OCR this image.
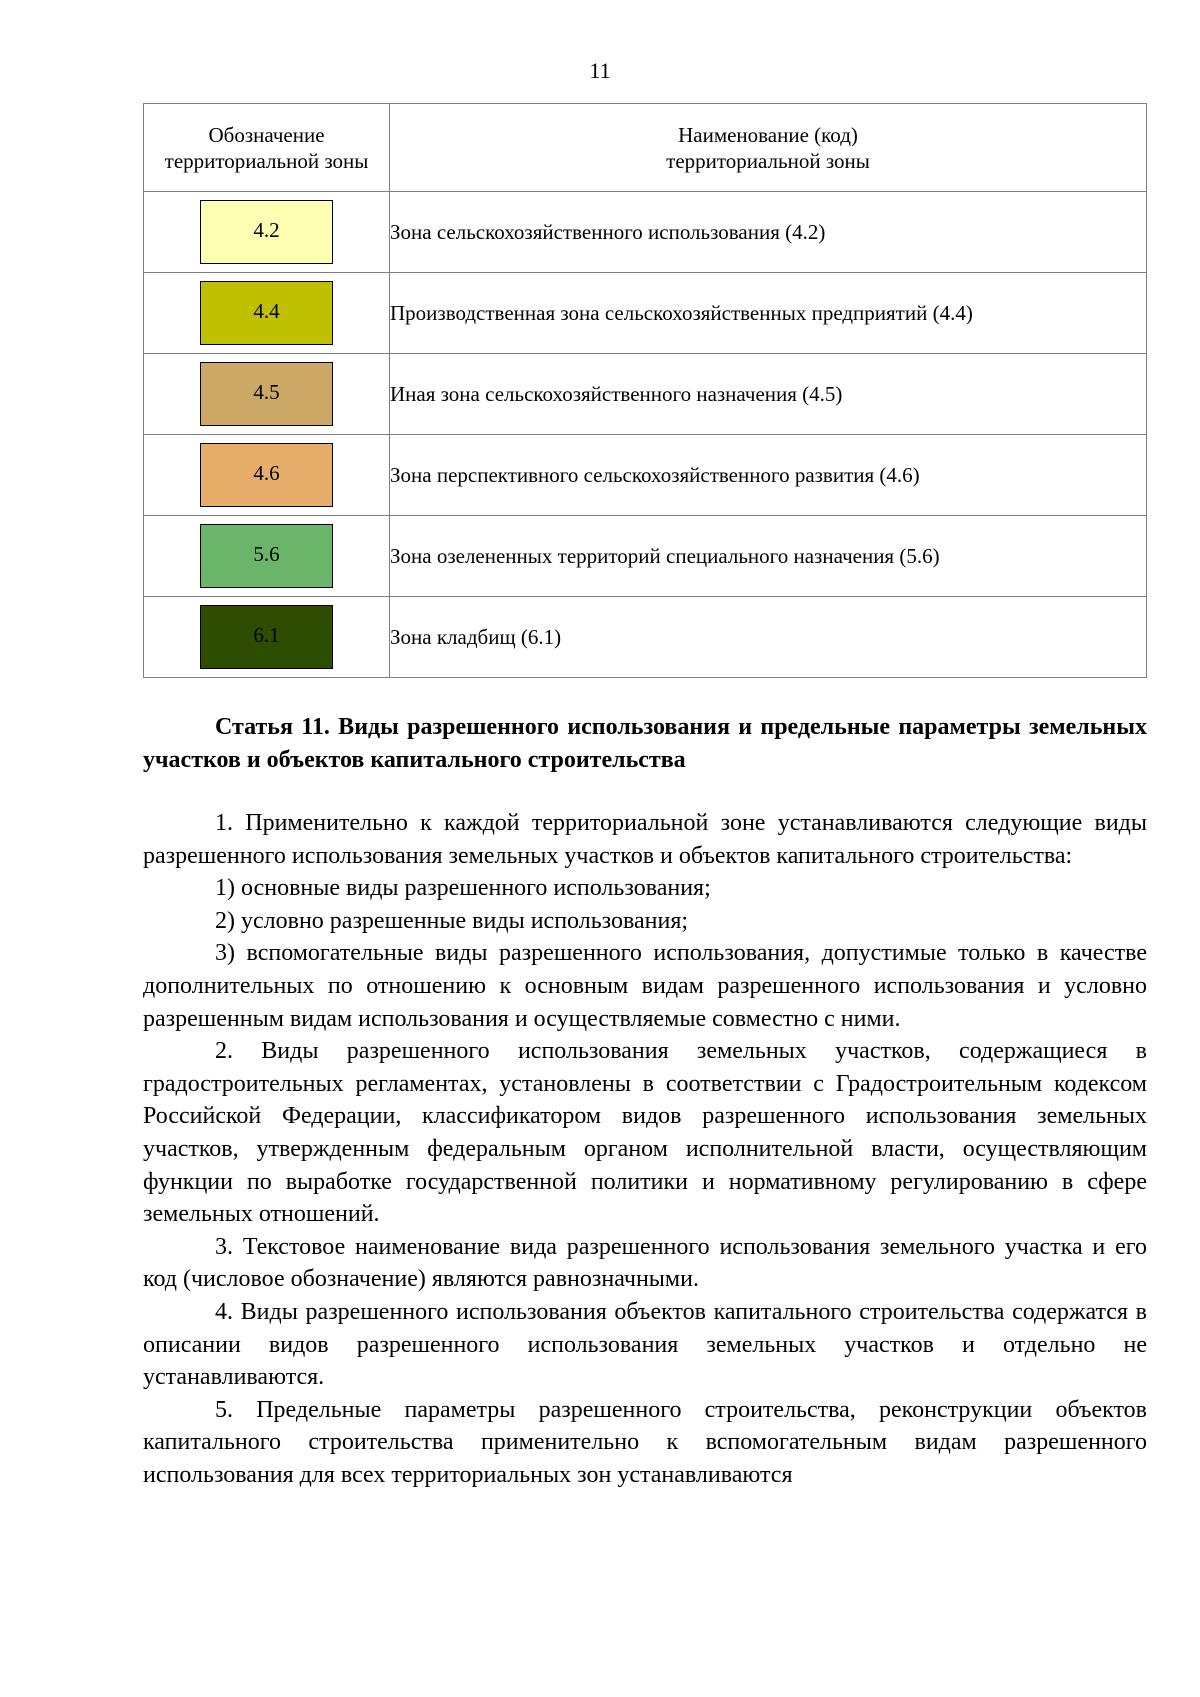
11
Обозначение территориальной зоны	Наименование (код)
территориальной зоны
4.2	Зона сельскохозяйственного использования (4.2)
4.4	Производственная зона сельскохозяйственных предприятий (4.4)
4.5	Иная зона сельскохозяйственного назначения (4.5)
4.6	Зона перспективного сельскохозяйственного развития (4.6)
5.6	Зона озелененных территорий специального назначения (5.6)
6.1	Зона кладбищ (6.1)
Статья 11. Виды разрешенного использования и предельные параметры земельных участков и объектов капитального строительства

1. Применительно к каждой территориальной зоне устанавливаются следующие виды разрешенного использования земельных участков и объектов капитального строительства:

1) основные виды разрешенного использования;

2) условно разрешенные виды использования;

3) вспомогательные виды разрешенного использования, допустимые только в качестве дополнительных по отношению к основным видам разрешенного использования и условно разрешенным видам использования и осуществляемые совместно с ними.

2. Виды разрешенного использования земельных участков, содержащиеся в градостроительных регламентах, установлены в соответствии с Градостроительным кодексом Российской Федерации, классификатором видов разрешенного использования земельных участков, утвержденным федеральным органом исполнительной власти, осуществляющим функции по выработке государственной политики и нормативному регулированию в сфере земельных отношений.

3. Текстовое наименование вида разрешенного использования земельного участка и его код (числовое обозначение) являются равнозначными.

4. Виды разрешенного использования объектов капитального строительства содержатся в описании видов разрешенного использования земельных участков и отдельно не устанавливаются.

5. Предельные параметры разрешенного строительства, реконструкции объектов капитального строительства применительно к вспомогательным видам разрешенного использования для всех территориальных зон устанавливаются
